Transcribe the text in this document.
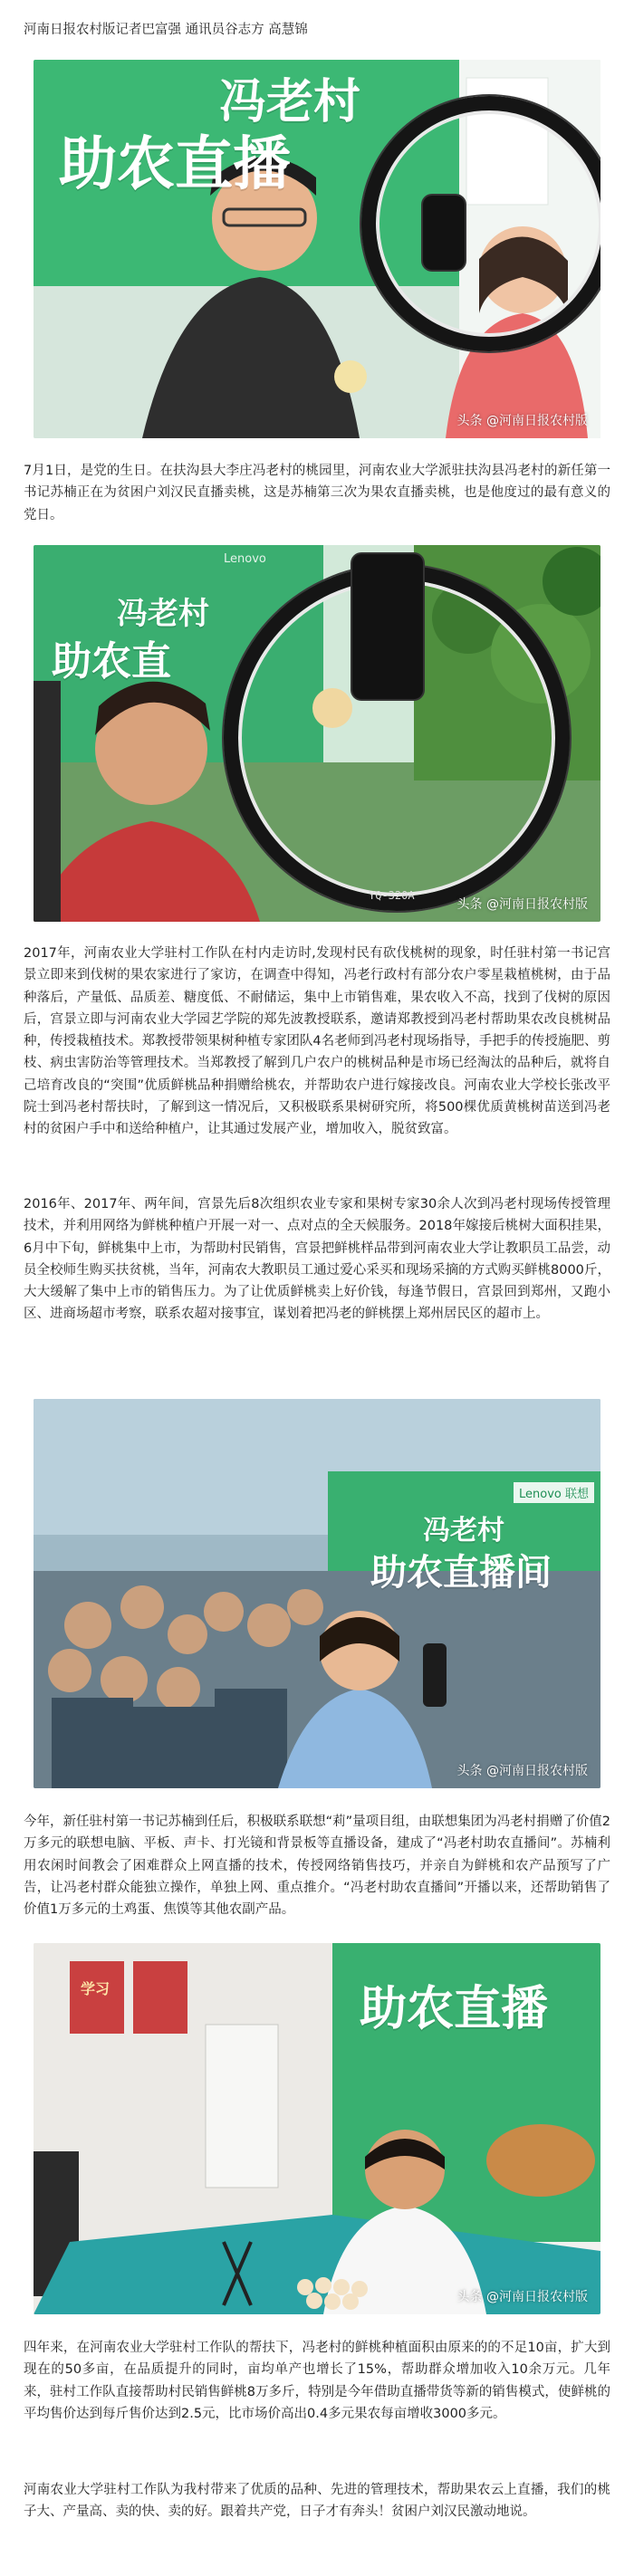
河南日报农村版记者巴富强 通讯员谷志方 高慧锦
冯老村
助农直播
头条 @河南日报农村版

7月1日，是党的生日。在扶沟县大李庄冯老村的桃园里，河南农业大学派驻扶沟县冯老村的新任第一书记苏楠正在为贫困户刘汉民直播卖桃，这是苏楠第三次为果农直播卖桃，也是他度过的最有意义的党日。

YQ-320A
Lenovo
冯老村
助农直
头条 @河南日报农村版

2017年，河南农业大学驻村工作队在村内走访时,发现村民有砍伐桃树的现象，时任驻村第一书记宫景立即来到伐树的果农家进行了家访，在调查中得知，冯老行政村有部分农户零星栽植桃树，由于品种落后，产量低、品质差、糖度低、不耐储运，集中上市销售难，果农收入不高，找到了伐树的原因后，宫景立即与河南农业大学园艺学院的郑先波教授联系，邀请郑教授到冯老村帮助果农改良桃树品种，传授栽植技术。郑教授带领果树种植专家团队4名老师到冯老村现场指导，手把手的传授施肥、剪枝、病虫害防治等管理技术。当郑教授了解到几户农户的桃树品种是市场已经淘汰的品种后，就将自己培育改良的“突围”优质鲜桃品种捐赠给桃农，并帮助农户进行嫁接改良。河南农业大学校长张改平院士到冯老村帮扶时，了解到这一情况后，又积极联系果树研究所，将500棵优质黄桃树苗送到冯老村的贫困户手中和送给种植户，让其通过发展产业，增加收入，脱贫致富。

2016年、2017年、两年间，宫景先后8次组织农业专家和果树专家30余人次到冯老村现场传授管理技术，并利用网络为鲜桃种植户开展一对一、点对点的全天候服务。2018年嫁接后桃树大面积挂果，6月中下旬，鲜桃集中上市，为帮助村民销售，宫景把鲜桃样品带到河南农业大学让教职员工品尝，动员全校师生购买扶贫桃，当年，河南农大教职员工通过爱心采买和现场采摘的方式购买鲜桃8000斤，大大缓解了集中上市的销售压力。为了让优质鲜桃卖上好价钱，每逢节假日，宫景回到郑州，又跑小区、进商场超市考察，联系农超对接事宜，谋划着把冯老的鲜桃摆上郑州居民区的超市上。

Lenovo 联想
冯老村
助农直播间
头条 @河南日报农村版

今年，新任驻村第一书记苏楠到任后，积极联系联想“莉”量项目组，由联想集团为冯老村捐赠了价值2万多元的联想电脑、平板、声卡、打光镜和背景板等直播设备，建成了“冯老村助农直播间”。苏楠利用农闲时间教会了困难群众上网直播的技术，传授网络销售技巧，并亲自为鲜桃和农产品预写了广告，让冯老村群众能独立操作，单独上网、重点推介。“冯老村助农直播间”开播以来，还帮助销售了价值1万多元的土鸡蛋、焦馍等其他农副产品。

学习	助农直播
头条 @河南日报农村版

四年来，在河南农业大学驻村工作队的帮扶下，冯老村的鲜桃种植面积由原来的的不足10亩，扩大到现在的50多亩，在品质提升的同时，亩均单产也增长了15%，帮助群众增加收入10余万元。几年来，驻村工作队直接帮助村民销售鲜桃8万多斤，特别是今年借助直播带货等新的销售模式，使鲜桃的平均售价达到每斤售价达到2.5元，比市场价高出0.4多元果农每亩增收3000多元。

河南农业大学驻村工作队为我村带来了优质的品种、先进的管理技术，帮助果农云上直播，我们的桃子大、产量高、卖的快、卖的好。跟着共产党，日子才有奔头！贫困户刘汉民激动地说。
